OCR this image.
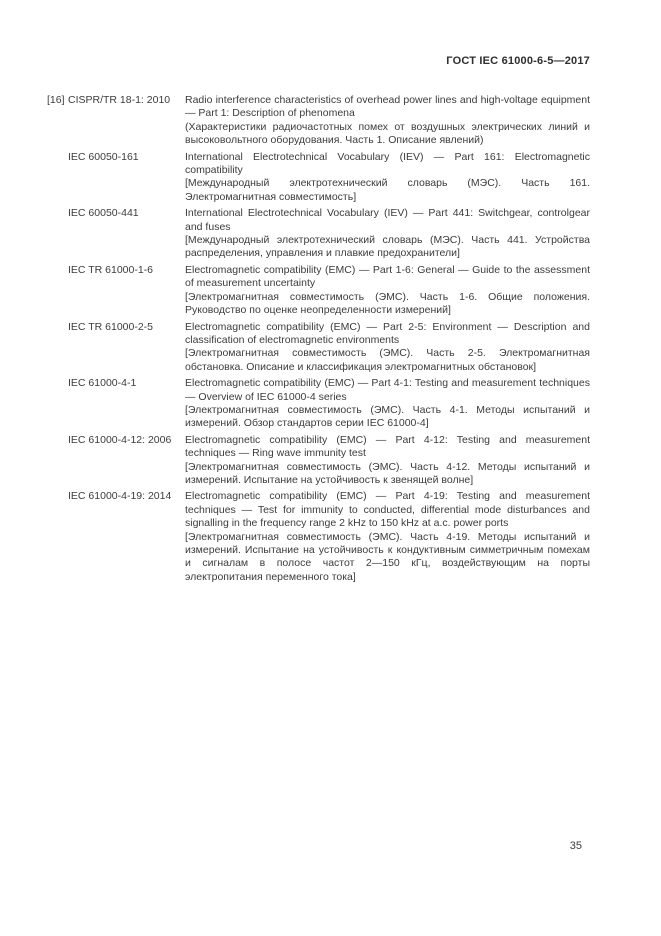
ГОСТ IEC 61000-6-5—2017
[16] CISPR/TR 18-1: 2010	Radio interference characteristics of overhead power lines and high-voltage equipment — Part 1: Description of phenomena
(Характеристики радиочастотных помех от воздушных электрических линий и высоковольтного оборудования. Часть 1. Описание явлений)
IEC 60050-161	International Electrotechnical Vocabulary (IEV) — Part 161: Electromagnetic compatibility
[Международный электротехнический словарь (МЭС). Часть 161. Электромагнитная совместимость]
IEC 60050-441	International Electrotechnical Vocabulary (IEV) — Part 441: Switchgear, controlgear and fuses
[Международный электротехнический словарь (МЭС). Часть 441. Устройства распределения, управления и плавкие предохранители]
IEC TR 61000-1-6	Electromagnetic compatibility (EMC) — Part 1-6: General — Guide to the assessment of measurement uncertainty
[Электромагнитная совместимость (ЭМС). Часть 1-6. Общие положения. Руководство по оценке неопределенности измерений]
IEC TR 61000-2-5	Electromagnetic compatibility (EMC) — Part 2-5: Environment — Description and classification of electromagnetic environments
[Электромагнитная совместимость (ЭМС). Часть 2-5. Электромагнитная обстановка. Описание и классификация электромагнитных обстановок]
IEC 61000-4-1	Electromagnetic compatibility (EMC) — Part 4-1: Testing and measurement techniques — Overview of IEC 61000-4 series
[Электромагнитная совместимость (ЭМС). Часть 4-1. Методы испытаний и измерений. Обзор стандартов серии IEC 61000-4]
IEC 61000-4-12: 2006	Electromagnetic compatibility (EMC) — Part 4-12: Testing and measurement techniques — Ring wave immunity test
[Электромагнитная совместимость (ЭМС). Часть 4-12. Методы испытаний и измерений. Испытание на устойчивость к звенящей волне]
IEC 61000-4-19: 2014	Electromagnetic compatibility (EMC) — Part 4-19: Testing and measurement techniques — Test for immunity to conducted, differential mode disturbances and signalling in the frequency range 2 kHz to 150 kHz at a.c. power ports
[Электромагнитная совместимость (ЭМС). Часть 4-19. Методы испытаний и измерений. Испытание на устойчивость к кондуктивным симметричным помехам и сигналам в полосе частот 2—150 кГц, воздействующим на порты электропитания переменного тока]
35
